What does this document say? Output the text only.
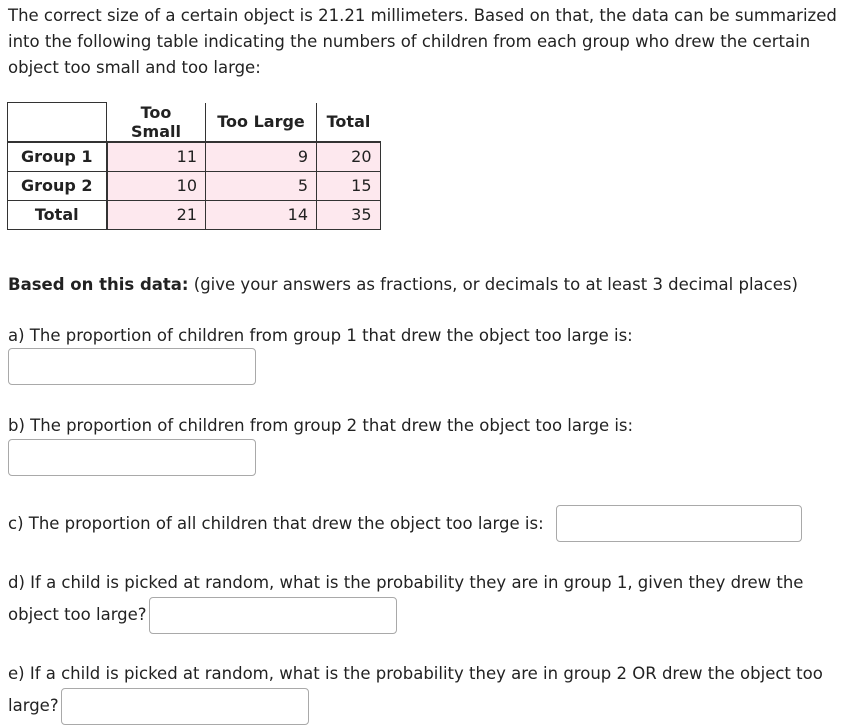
The correct size of a certain object is 21.21 millimeters. Based on that, the data can be summarized into the following table indicating the numbers of children from each group who drew the certain object too small and too large:

	Too Small	Too Large	Total
Group 1	11	9	20
Group 2	10	5	15
Total	21	14	35

Based on this data: (give your answers as fractions, or decimals to at least 3 decimal places)

a) The proportion of children from group 1 that drew the object too large is:

b) The proportion of children from group 2 that drew the object too large is:

c) The proportion of all children that drew the object too large is:

d) If a child is picked at random, what is the probability they are in group 1, given they drew the object too large?

e) If a child is picked at random, what is the probability they are in group 2 OR drew the object too large?
